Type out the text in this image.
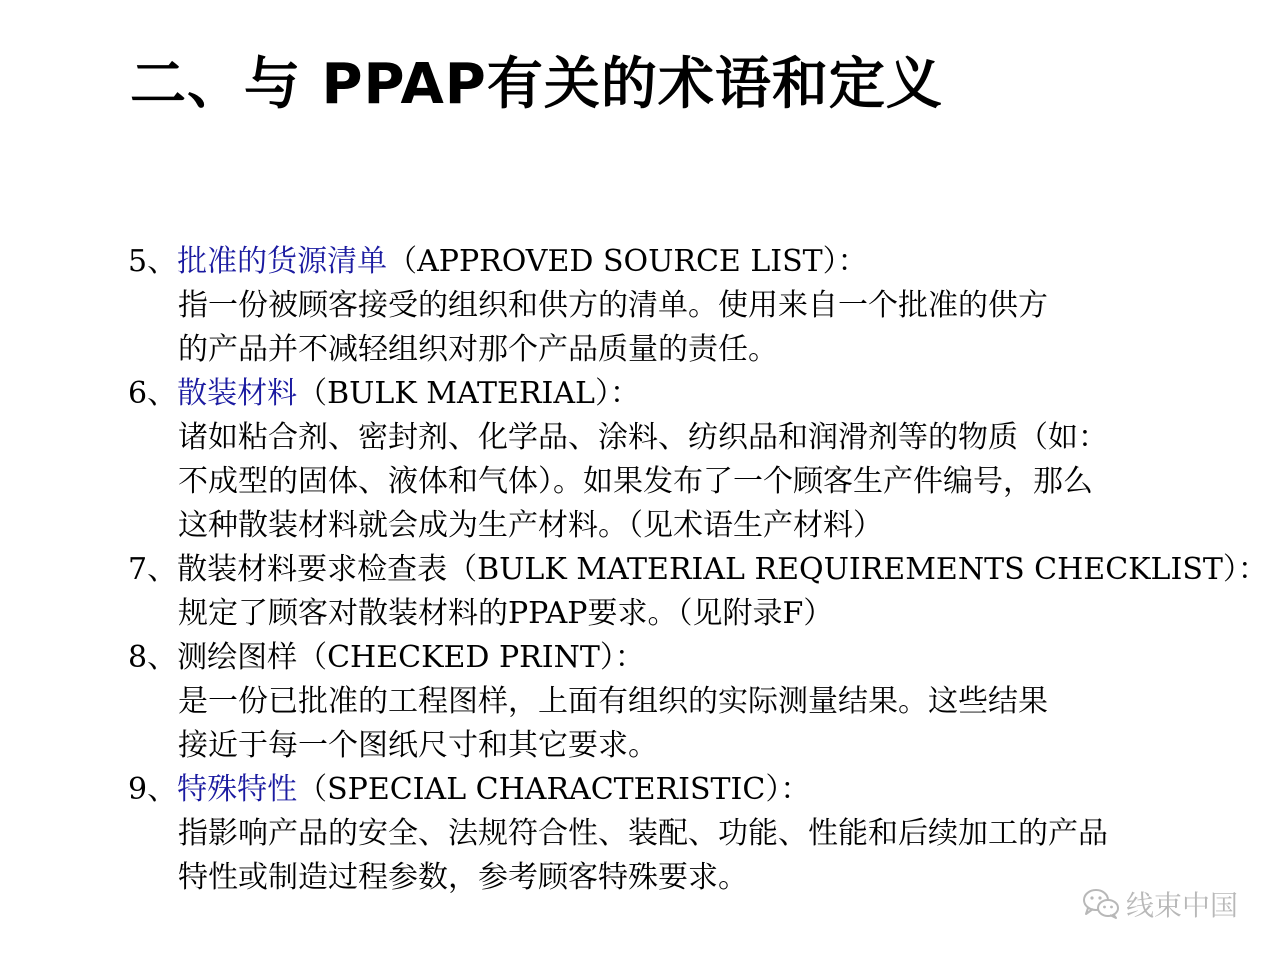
二、与 PPAP有关的术语和定义
5、批准的货源清单（APPROVED SOURCE LIST）：
指一份被顾客接受的组织和供方的清单。使用来自一个批准的供方
的产品并不减轻组织对那个产品质量的责任。
6、散装材料（BULK MATERIAL）：
诸如粘合剂、密封剂、化学品、涂料、纺织品和润滑剂等的物质（如：
不成型的固体、液体和气体）。如果发布了一个顾客生产件编号，那么
这种散装材料就会成为生产材料。（见术语生产材料）
7、散装材料要求检查表（BULK MATERIAL REQUIREMENTS CHECKLIST）：
规定了顾客对散装材料的PPAP要求。（见附录F）
8、测绘图样（CHECKED PRINT）：
是一份已批准的工程图样，上面有组织的实际测量结果。这些结果
接近于每一个图纸尺寸和其它要求。
9、特殊特性（SPECIAL CHARACTERISTIC）：
指影响产品的安全、法规符合性、装配、功能、性能和后续加工的产品
特性或制造过程参数，参考顾客特殊要求。
线束中国
